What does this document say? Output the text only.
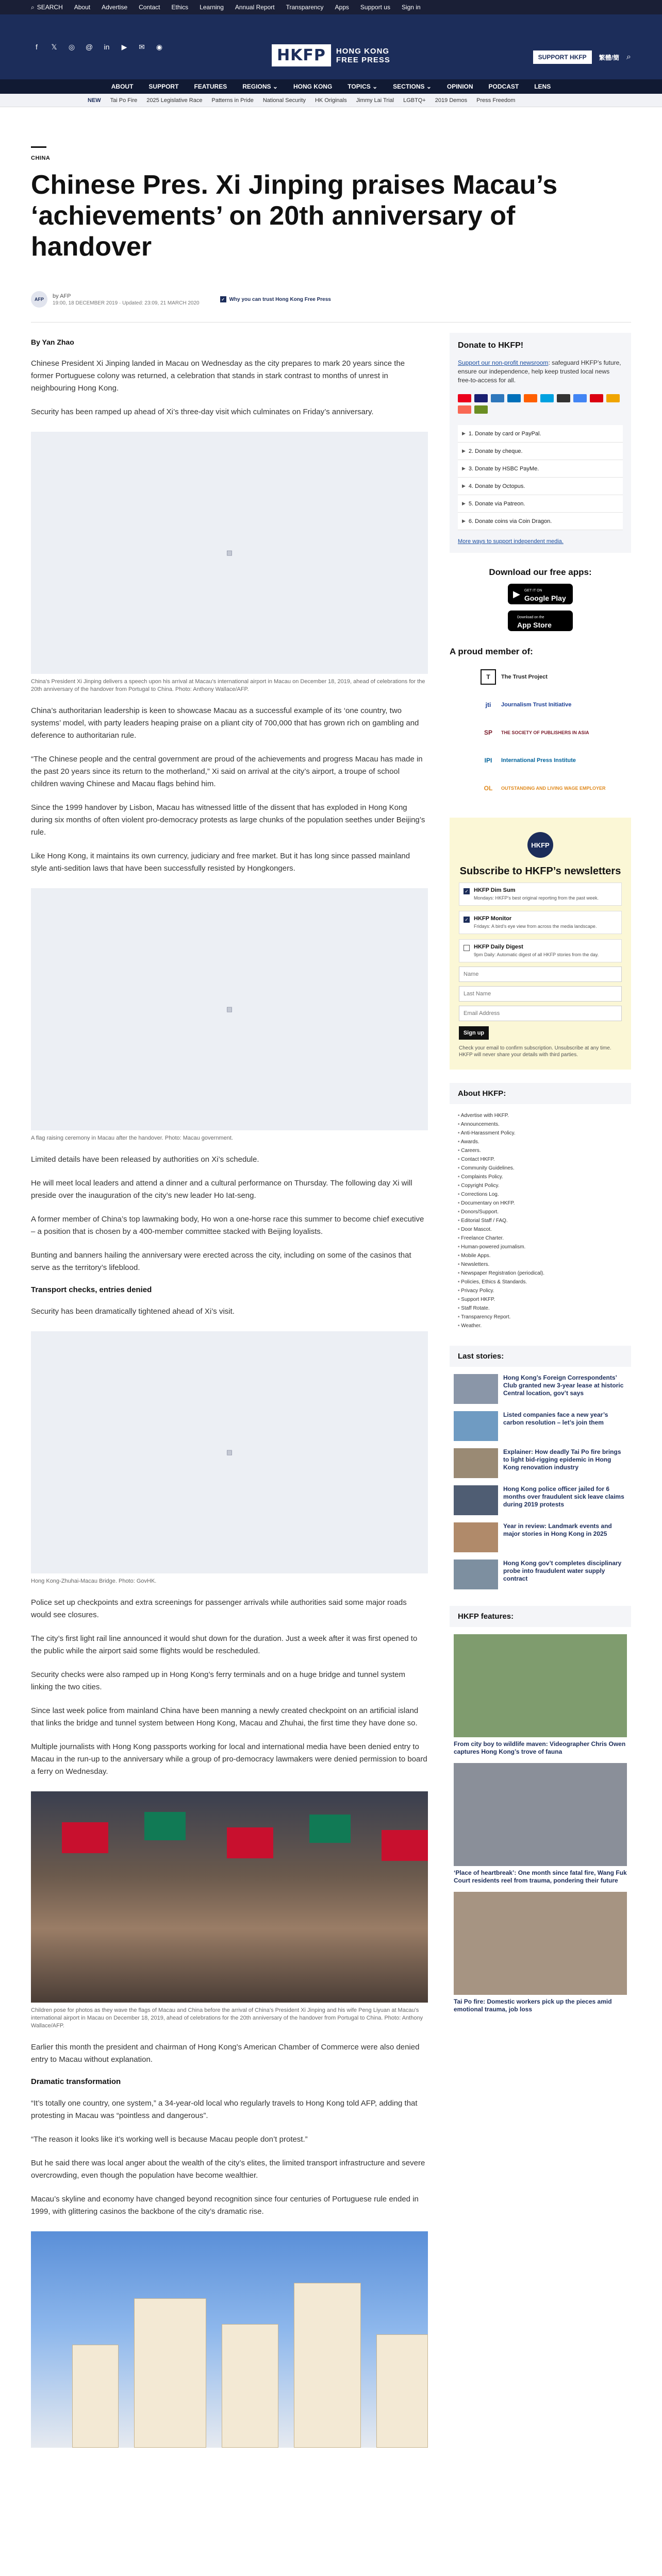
⌕ SEARCH About Advertise Contact Ethics Learning Annual Report Transparency Apps Support us Sign in
f	𝕏	◎	@	in	▶	✉	◉	HKFP	HONG KONG
FREE PRESS	SUPPORT HKFP	繁體/簡 ⌕
ABOUT	SUPPORT	FEATURES	REGIONS ⌄	HONG KONG	TOPICS ⌄	SECTIONS ⌄	OPINION	PODCAST	LENS
NEW Tai Po Fire 2025 Legislative Race Patterns in Pride National Security HK Originals Jimmy Lai Trial LGBTQ+ 2019 Demos Press Freedom
CHINA
Chinese Pres. Xi Jinping praises Macau’s ‘achievements’ on 20th anniversary of handover
AFP
by AFP
19:00, 18 DECEMBER 2019 · Updated: 23:09, 21 MARCH 2020
✓ Why you can trust Hong Kong Free Press
By Yan Zhao

Chinese President Xi Jinping landed in Macau on Wednesday as the city prepares to mark 20 years since the former Portuguese colony was returned, a celebration that stands in stark contrast to months of unrest in neighbouring Hong Kong.

Security has been ramped up ahead of Xi’s three-day visit which culminates on Friday’s anniversary.

▨
China’s President Xi Jinping delivers a speech upon his arrival at Macau’s international airport in Macau on December 18, 2019, ahead of celebrations for the 20th anniversary of the handover from Portugal to China. Photo: Anthony Wallace/AFP.

China’s authoritarian leadership is keen to showcase Macau as a successful example of its ‘one country, two systems’ model, with party leaders heaping praise on a pliant city of 700,000 that has grown rich on gambling and deference to authoritarian rule.

“The Chinese people and the central government are proud of the achievements and progress Macau has made in the past 20 years since its return to the motherland,” Xi said on arrival at the city’s airport, a troupe of school children waving Chinese and Macau flags behind him.

Since the 1999 handover by Lisbon, Macau has witnessed little of the dissent that has exploded in Hong Kong during six months of often violent pro-democracy protests as large chunks of the population seethes under Beijing’s rule.

Like Hong Kong, it maintains its own currency, judiciary and free market. But it has long since passed mainland style anti-sedition laws that have been successfully resisted by Hongkongers.

▨
A flag raising ceremony in Macau after the handover. Photo: Macau government.

Limited details have been released by authorities on Xi’s schedule.

He will meet local leaders and attend a dinner and a cultural performance on Thursday. The following day Xi will preside over the inauguration of the city’s new leader Ho Iat-seng.

A former member of China’s top lawmaking body, Ho won a one-horse race this summer to become chief executive – a position that is chosen by a 400-member committee stacked with Beijing loyalists.

Bunting and banners hailing the anniversary were erected across the city, including on some of the casinos that serve as the territory’s lifeblood.

Transport checks, entries denied

Security has been dramatically tightened ahead of Xi’s visit.

▨
Hong Kong-Zhuhai-Macau Bridge. Photo: GovHK.

Police set up checkpoints and extra screenings for passenger arrivals while authorities said some major roads would see closures.

The city’s first light rail line announced it would shut down for the duration. Just a week after it was first opened to the public while the airport said some flights would be rescheduled.

Security checks were also ramped up in Hong Kong’s ferry terminals and on a huge bridge and tunnel system linking the two cities.

Since last week police from mainland China have been manning a newly created checkpoint on an artificial island that links the bridge and tunnel system between Hong Kong, Macau and Zhuhai, the first time they have done so.

Multiple journalists with Hong Kong passports working for local and international media have been denied entry to Macau in the run-up to the anniversary while a group of pro-democracy lawmakers were denied permission to board a ferry on Wednesday.

Children pose for photos as they wave the flags of Macau and China before the arrival of China’s President Xi Jinping and his wife Peng Liyuan at Macau’s international airport in Macau on December 18, 2019, ahead of celebrations for the 20th anniversary of the handover from Portugal to China. Photo: Anthony Wallace/AFP.

Earlier this month the president and chairman of Hong Kong’s American Chamber of Commerce were also denied entry to Macau without explanation.

Dramatic transformation

“It’s totally one country, one system,” a 34-year-old local who regularly travels to Hong Kong told AFP, adding that protesting in Macau was “pointless and dangerous”.

“The reason it looks like it’s working well is because Macau people don’t protest.”

But he said there was local anger about the wealth of the city’s elites, the limited transport infrastructure and severe overcrowding, even though the population have become wealthier.

Macau’s skyline and economy have changed beyond recognition since four centuries of Portuguese rule ended in 1999, with glittering casinos the backbone of the city’s dramatic rise.

Donate to HKFP!
Support our non-profit newsroom: safeguard HKFP’s future, ensure our independence, help keep trusted local news free-to-access for all.
▶ 1. Donate by card or PayPal.
▶ 2. Donate by cheque.
▶ 3. Donate by HSBC PayMe.
▶ 4. Donate by Octopus.
▶ 5. Donate via Patreon.
▶ 6. Donate coins via Coin Dragon.
More ways to support independent media.
Download our free apps:
▶ GET IT ON
Google Play
Download on the
App Store
A proud member of:
T	The Trust Project
jti	Journalism Trust Initiative
SP	THE SOCIETY OF PUBLISHERS IN ASIA
IPI	International Press Institute
OL	OUTSTANDING AND LIVING WAGE EMPLOYER
HKFP
Subscribe to HKFP’s newsletters
✓ HKFP Dim Sum
Mondays: HKFP’s best original reporting from the past week.
✓ HKFP Monitor
Fridays: A bird’s eye view from across the media landscape.
HKFP Daily Digest
9pm Daily: Automatic digest of all HKFP stories from the day.
Name Last Name Email Address
Sign up
Check your email to confirm subscription. Unsubscribe at any time. HKFP will never share your details with third parties.
About HKFP:
• Advertise with HKFP.
• Announcements.
• Anti-Harassment Policy.
• Awards.
• Careers.
• Contact HKFP.
• Community Guidelines.
• Complaints Policy.
• Copyright Policy.
• Corrections Log.
• Documentary on HKFP.
• Donors/Support.
• Editorial Staff / FAQ.
• Door Mascot.
• Freelance Charter.
• Human-powered journalism.
• Mobile Apps.
• Newsletters.
• Newspaper Registration (periodical).
• Policies, Ethics & Standards.
• Privacy Policy.
• Support HKFP.
• Staff Rotate.
• Transparency Report.
• Weather.
Last stories:
Hong Kong’s Foreign Correspondents’ Club granted new 3-year lease at historic Central location, gov’t says
Listed companies face a new year’s carbon resolution – let’s join them
Explainer: How deadly Tai Po fire brings to light bid-rigging epidemic in Hong Kong renovation industry
Hong Kong police officer jailed for 6 months over fraudulent sick leave claims during 2019 protests
Year in review: Landmark events and major stories in Hong Kong in 2025
Hong Kong gov’t completes disciplinary probe into fraudulent water supply contract
HKFP features:
From city boy to wildlife maven: Videographer Chris Owen captures Hong Kong’s trove of fauna
‘Place of heartbreak’: One month since fatal fire, Wang Fuk Court residents reel from trauma, pondering their future
Tai Po fire: Domestic workers pick up the pieces amid emotional trauma, job loss
